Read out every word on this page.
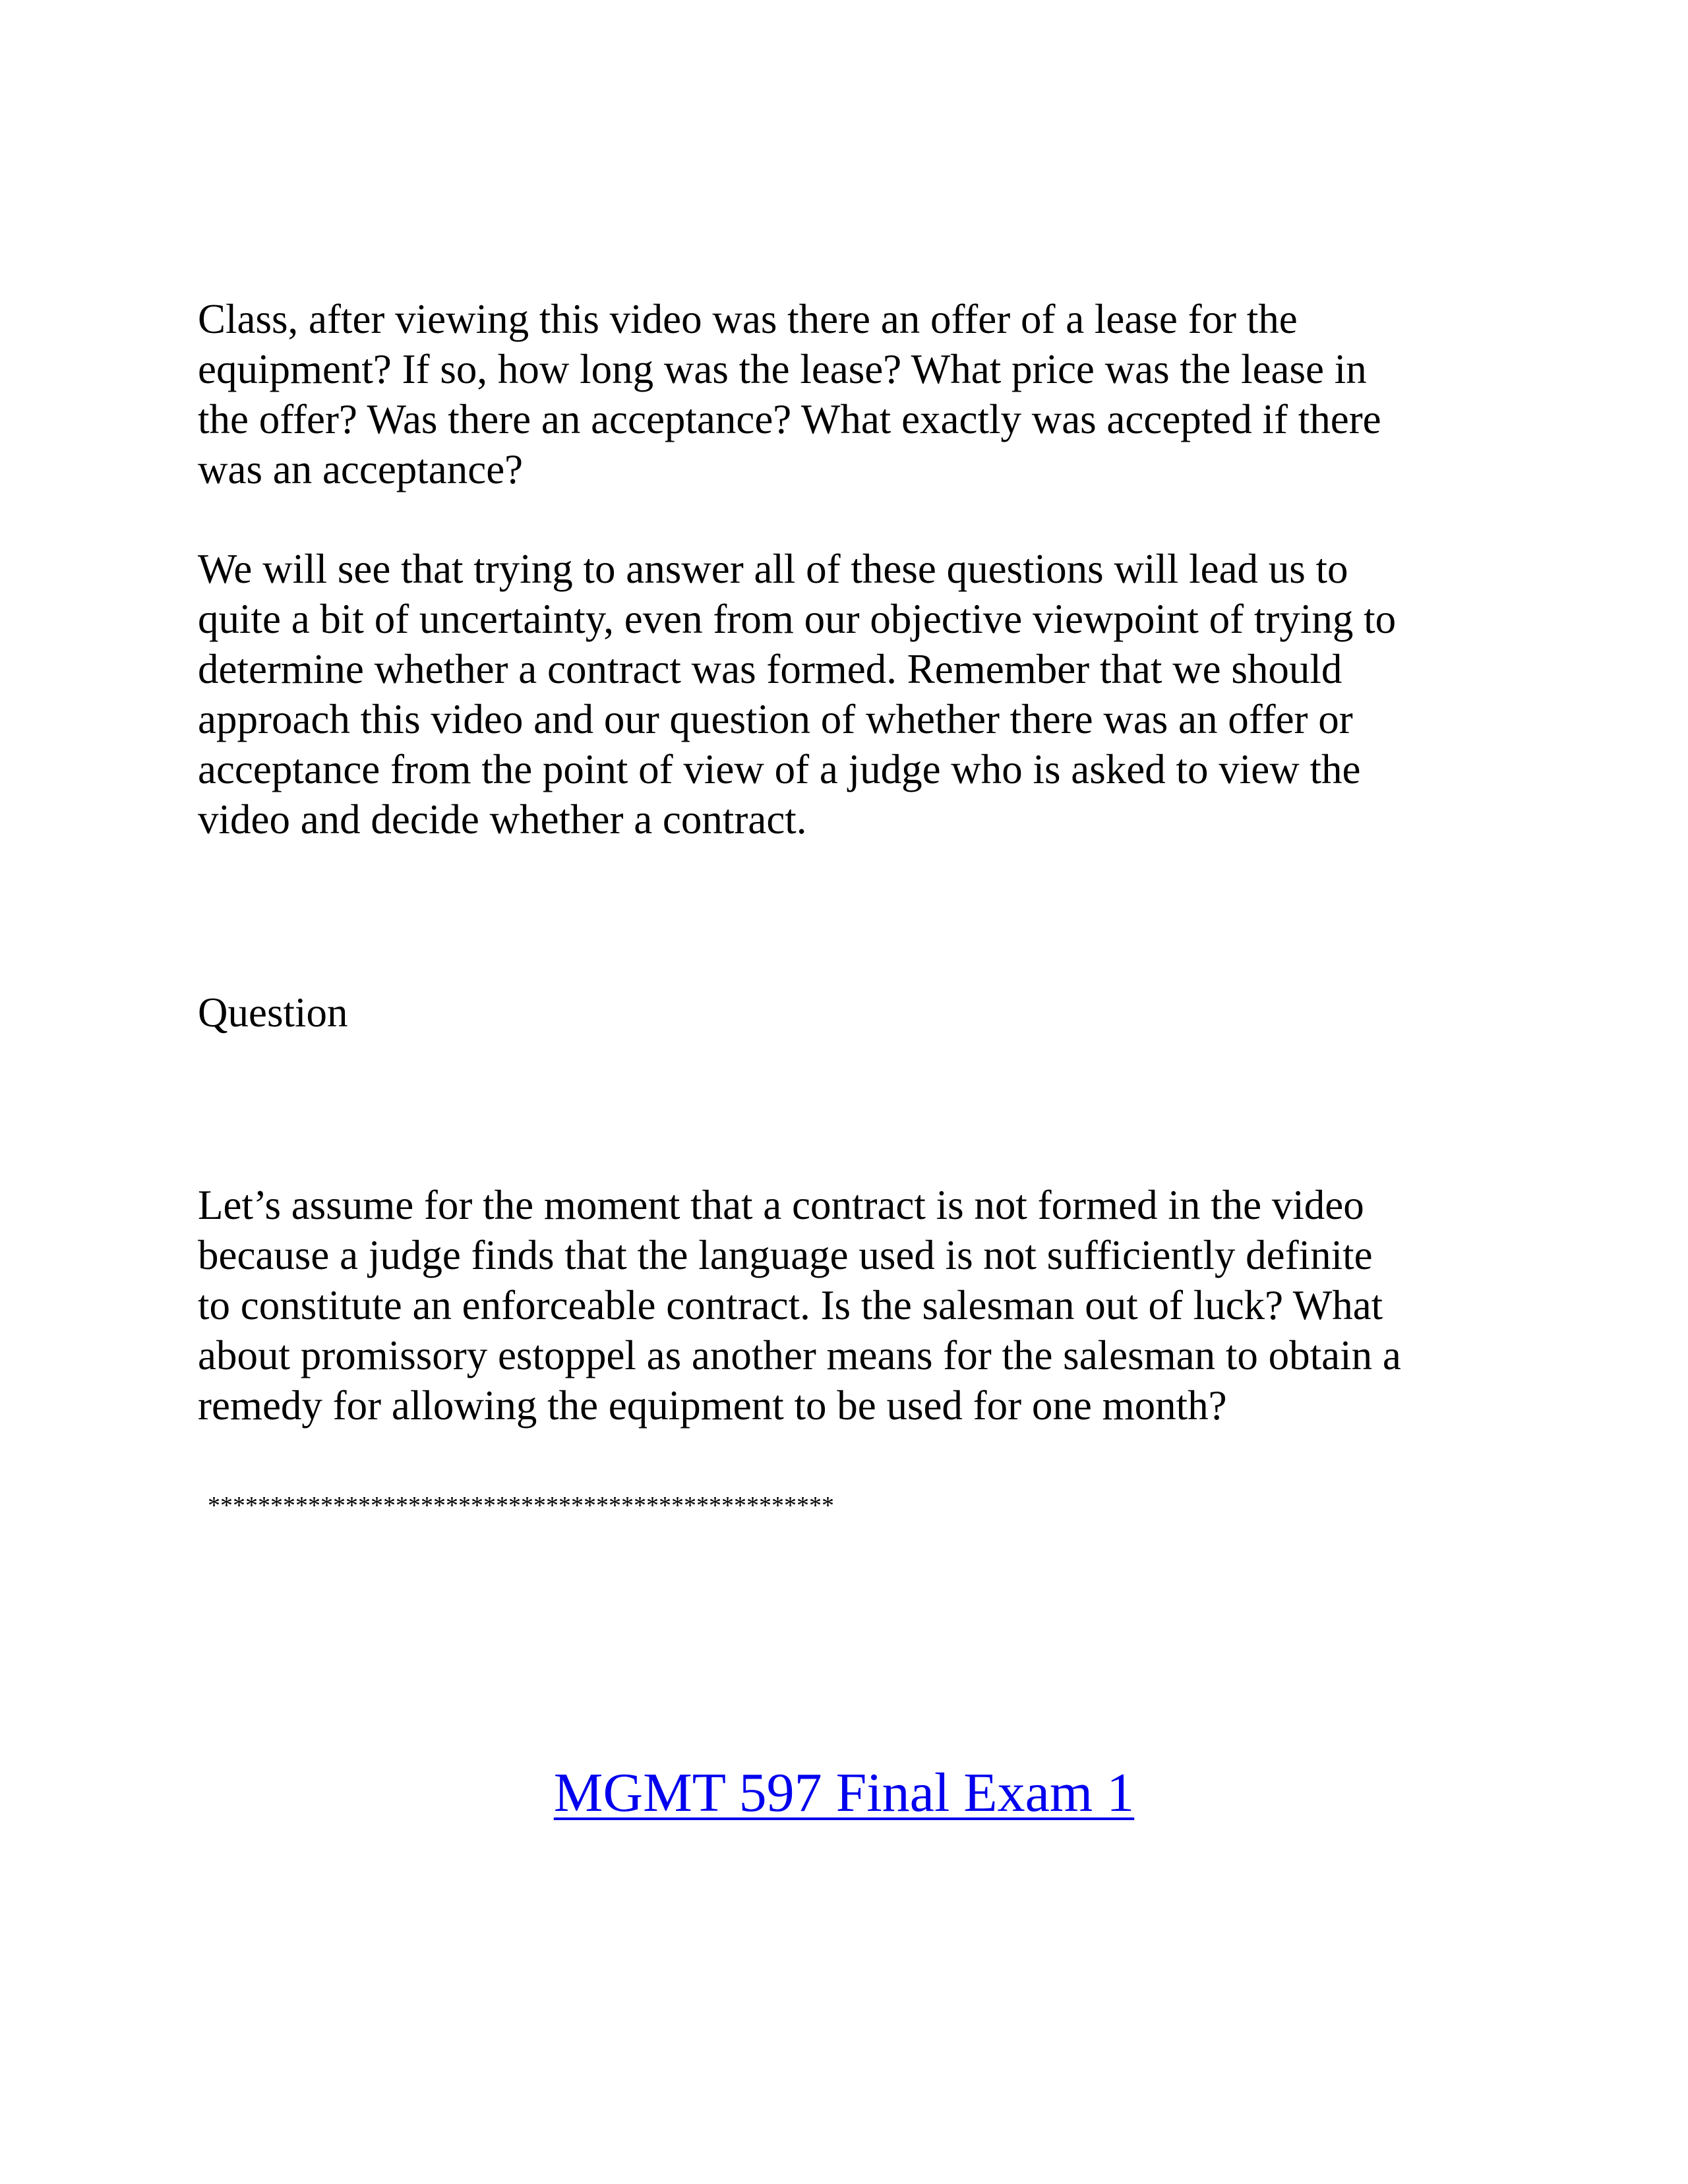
Class, after viewing this video was there an offer of a lease for the
equipment? If so, how long was the lease? What price was the lease in
the offer? Was there an acceptance? What exactly was accepted if there
was an acceptance?

We will see that trying to answer all of these questions will lead us to
quite a bit of uncertainty, even from our objective viewpoint of trying to
determine whether a contract was formed. Remember that we should
approach this video and our question of whether there was an offer or
acceptance from the point of view of a judge who is asked to view the
video and decide whether a contract.

Question

Let’s assume for the moment that a contract is not formed in the video
because a judge finds that the language used is not sufficiently definite
to constitute an enforceable contract. Is the salesman out of luck? What
about promissory estoppel as another means for the salesman to obtain a
remedy for allowing the equipment to be used for one month?

**************************************************

MGMT 597 Final Exam 1
